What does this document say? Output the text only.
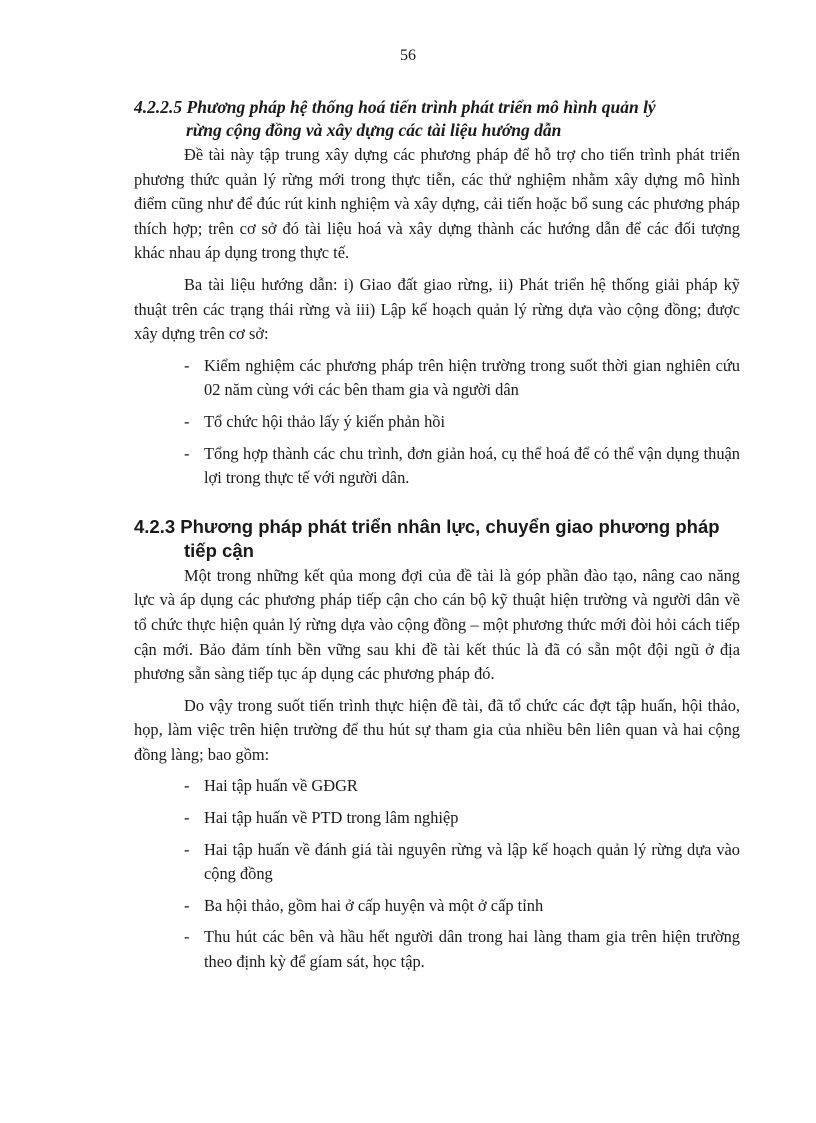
56
4.2.2.5 Phương pháp hệ thống hoá tiến trình phát triển mô hình quản lý
rừng cộng đồng và xây dựng các tài liệu hướng dẫn

Đề tài này tập trung xây dựng các phương pháp để hỗ trợ cho tiến trình phát triển phương thức quản lý rừng mới trong thực tiễn, các thử nghiệm nhằm xây dựng mô hình điểm cũng như để đúc rút kinh nghiệm và xây dựng, cải tiến hoặc bổ sung các phương pháp thích hợp; trên cơ sở đó tài liệu hoá và xây dựng thành các hướng dẫn để các đối tượng khác nhau áp dụng trong thực tế.

Ba tài liệu hướng dẫn: i) Giao đất giao rừng, ii) Phát triển hệ thống giải pháp kỹ thuật trên các trạng thái rừng và iii) Lập kế hoạch quản lý rừng dựa vào cộng đồng; được xây dựng trên cơ sở:

- Kiểm nghiệm các phương pháp trên hiện trường trong suốt thời gian nghiên cứu 02 năm cùng với các bên tham gia và người dân
- Tổ chức hội thảo lấy ý kiến phản hồi
- Tổng hợp thành các chu trình, đơn giản hoá, cụ thể hoá để có thể vận dụng thuận lợi trong thực tế với người dân.
4.2.3 Phương pháp phát triển nhân lực, chuyển giao phương pháp
tiếp cận

Một trong những kết qủa mong đợi của đề tài là góp phần đào tạo, nâng cao năng lực và áp dụng các phương pháp tiếp cận cho cán bộ kỹ thuật hiện trường và người dân về tổ chức thực hiện quản lý rừng dựa vào cộng đồng – một phương thức mới đòi hỏi cách tiếp cận mới. Bảo đảm tính bền vững sau khi đề tài kết thúc là đã có sẵn một đội ngũ ở địa phương sẵn sàng tiếp tục áp dụng các phương pháp đó.

Do vậy trong suốt tiến trình thực hiện đề tài, đã tổ chức các đợt tập huấn, hội thảo, họp, làm việc trên hiện trường để thu hút sự tham gia của nhiều bên liên quan và hai cộng đồng làng; bao gồm:

- Hai tập huấn về GĐGR
- Hai tập huấn về PTD trong lâm nghiệp
- Hai tập huấn về đánh giá tài nguyên rừng và lập kế hoạch quản lý rừng dựa vào cộng đồng
- Ba hội thảo, gồm hai ở cấp huyện và một ở cấp tỉnh
- Thu hút các bên và hầu hết người dân trong hai làng tham gia trên hiện trường theo định kỳ để gíam sát, học tập.
